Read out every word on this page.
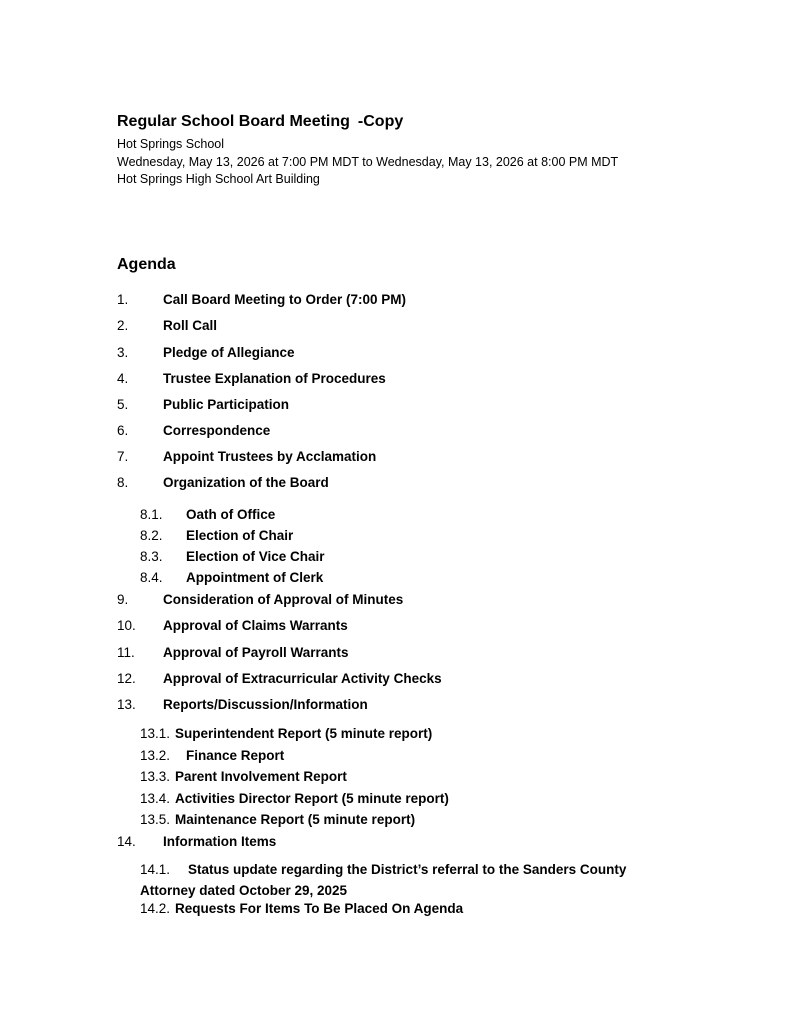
Regular School Board Meeting -Copy
Hot Springs School
Wednesday, May 13, 2026 at 7:00 PM MDT to Wednesday, May 13, 2026 at 8:00 PM MDT
Hot Springs High School Art Building
Agenda
1.	Call Board Meeting to Order (7:00 PM)
2.	Roll Call
3.	Pledge of Allegiance
4.	Trustee Explanation of Procedures
5.	Public Participation
6.	Correspondence
7.	Appoint Trustees by Acclamation
8.	Organization of the Board
8.1.	Oath of Office
8.2.	Election of Chair
8.3.	Election of Vice Chair
8.4.	Appointment of Clerk
9.	Consideration of Approval of Minutes
10.	Approval of Claims Warrants
11.	Approval of Payroll Warrants
12.	Approval of Extracurricular Activity Checks
13.	Reports/Discussion/Information
13.1. Superintendent Report (5 minute report)
13.2.	Finance Report
13.3. Parent Involvement Report
13.4. Activities Director Report (5 minute report)
13.5. Maintenance Report (5 minute report)
14.	Information Items
14.1. Status update regarding the District’s referral to the Sanders County Attorney dated October 29, 2025
14.2. Requests For Items To Be Placed On Agenda
